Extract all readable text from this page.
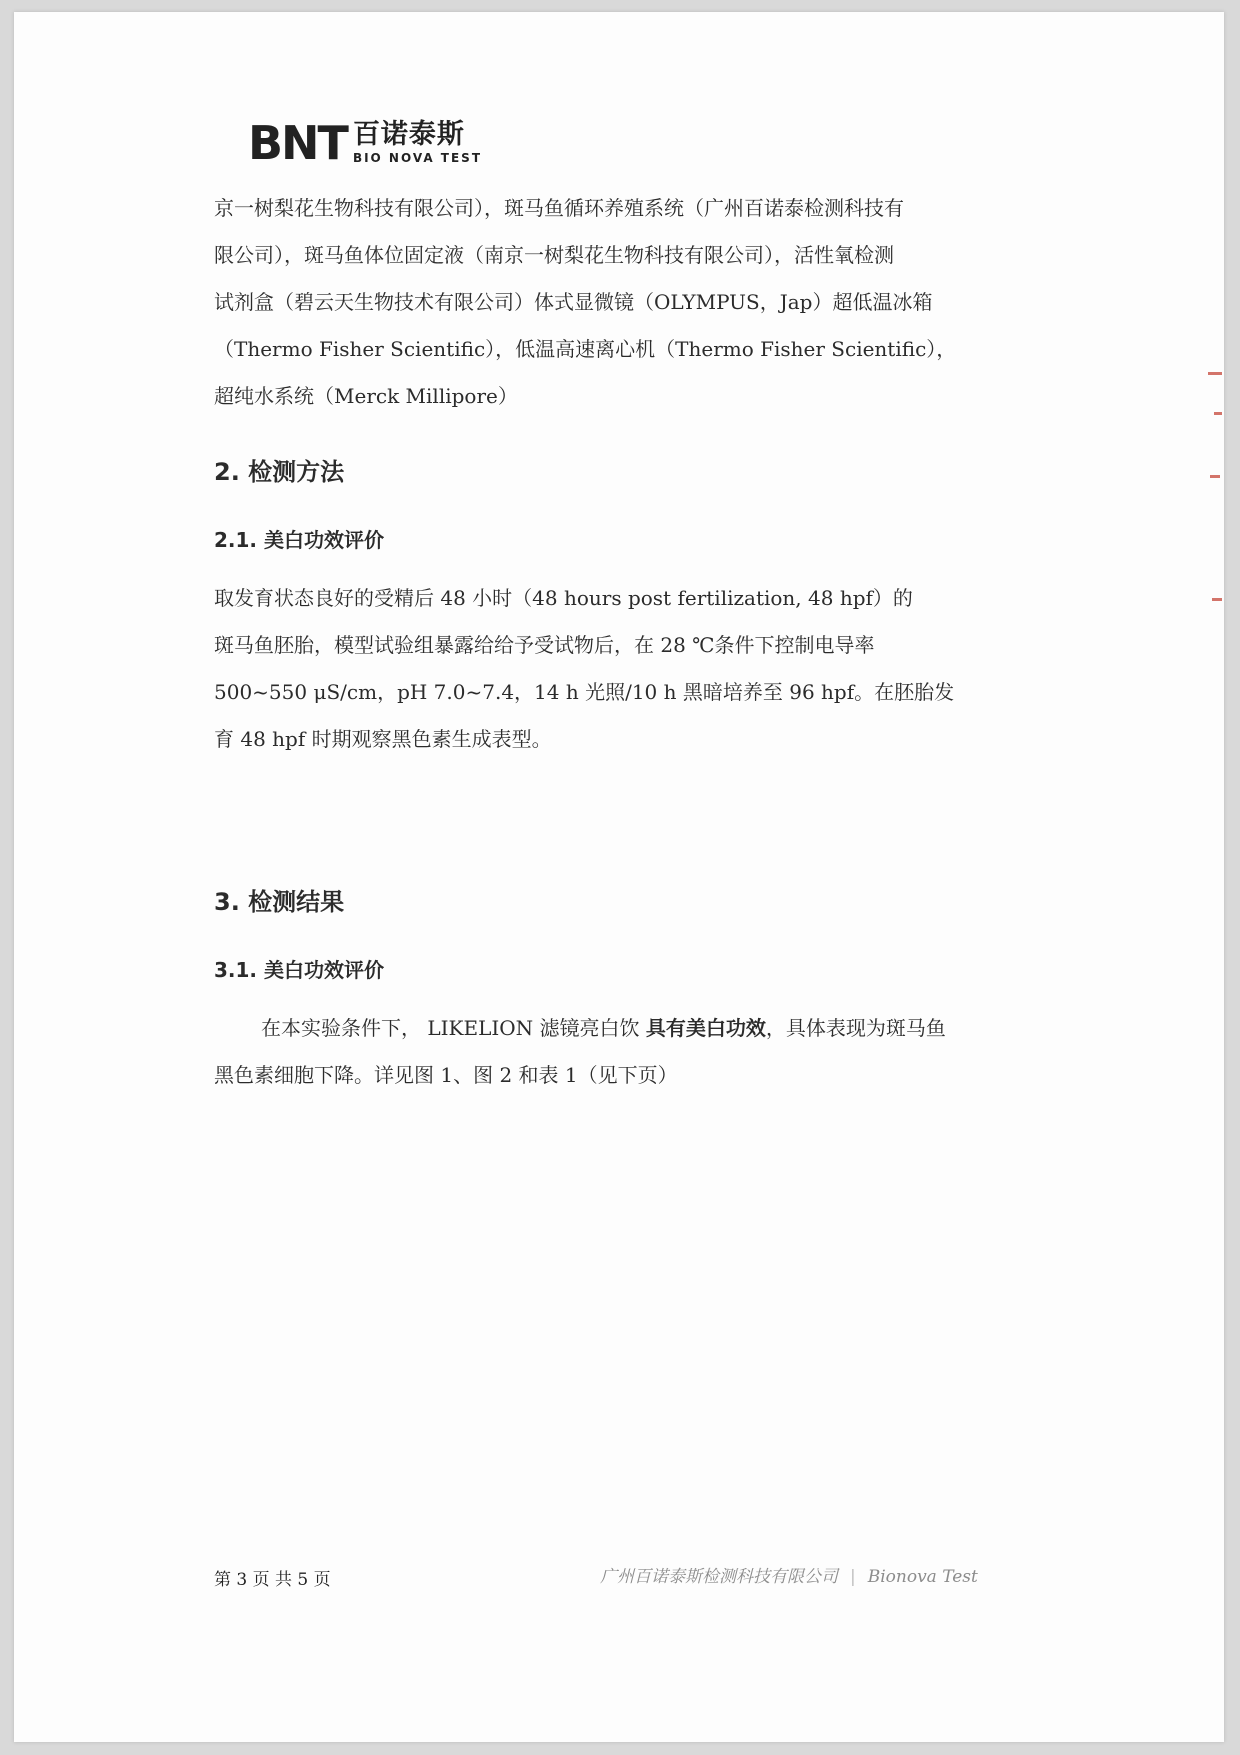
BNT 百诺泰斯
BIO NOVA TEST

京一树梨花生物科技有限公司），斑马鱼循环养殖系统（广州百诺泰检测科技有

限公司），斑马鱼体位固定液（南京一树梨花生物科技有限公司），活性氧检测

试剂盒（碧云天生物技术有限公司）体式显微镜（OLYMPUS，Jap）超低温冰箱

（Thermo Fisher Scientific），低温高速离心机（Thermo Fisher Scientific），

超纯水系统（Merck Millipore）

2. 检测方法
2.1. 美白功效评价

取发育状态良好的受精后 48 小时（48 hours post fertilization, 48 hpf）的

斑马鱼胚胎，模型试验组暴露给给予受试物后，在 28 ℃条件下控制电导率

500~550 μS/cm，pH 7.0~7.4，14 h 光照/10 h 黑暗培养至 96 hpf。在胚胎发

育 48 hpf 时期观察黑色素生成表型。

3. 检测结果
3.1. 美白功效评价

在本实验条件下， LIKELION 滤镜亮白饮 具有美白功效，具体表现为斑马鱼

黑色素细胞下降。详见图 1、图 2 和表 1（见下页）

第 3 页 共 5 页	广州百诺泰斯检测科技有限公司 | Bionova Test
